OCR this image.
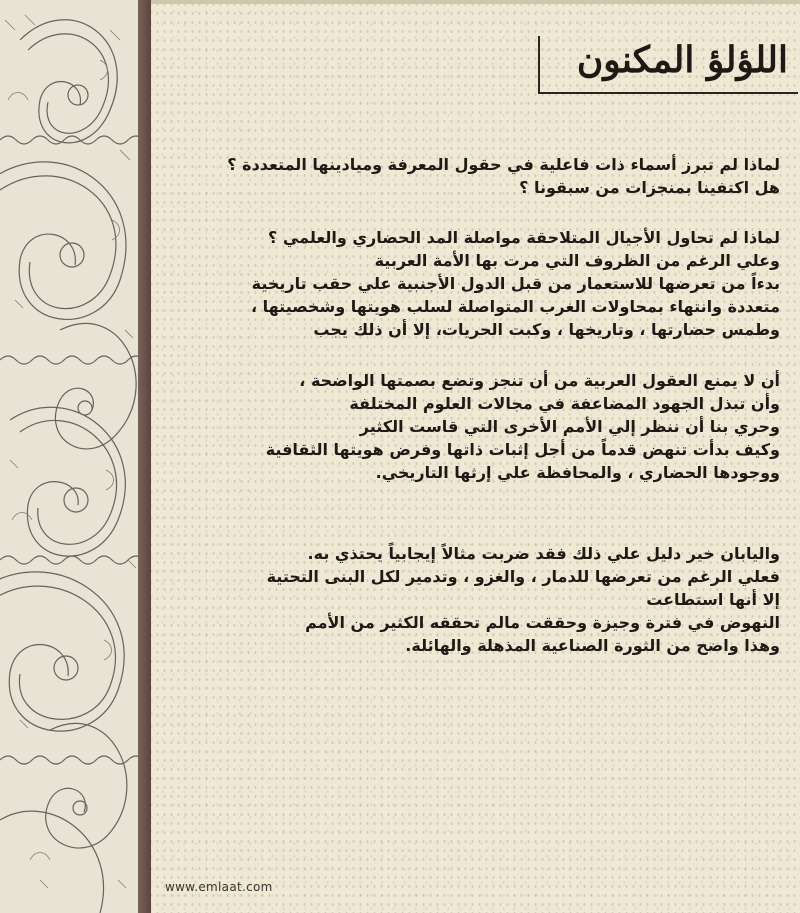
اللؤلؤ المكنون

لماذا لم تبرز أسماء ذات فاعلية في حقول المعرفة وميادينها المتعددة ؟

هل اكتفينا بمنجزات من سبقونا ؟

لماذا لم تحاول الأجيال المتلاحقة مواصلة المد الحضاري والعلمي ؟

وعلي الرغم من الظروف التي مرت بها الأمة العربية

بدءاً من تعرضها للاستعمار من قبل الدول الأجنبية علي حقب تاريخية

متعددة وانتهاء بمحاولات الغرب المتواصلة لسلب هويتها وشخصيتها ،

وطمس حضارتها ، وتاريخها ، وكبت الحريات، إلا أن ذلك يجب

أن لا يمنع العقول العربية من أن تنجز وتضع بصمتها الواضحة ،

وأن تبذل الجهود المضاعفة في مجالات العلوم المختلفة

وحري بنا أن ننظر إلي الأمم الأخرى التي قاست الكثير

وكيف بدأت تنهض قدماً من أجل إثبات ذاتها وفرض هويتها الثقافية

ووجودها الحضاري ، والمحافظة علي إرثها التاريخي.

واليابان خير دليل علي ذلك فقد ضربت مثالاً إيجابياً يحتذي به.

فعلي الرغم من تعرضها للدمار ، والغزو ، وتدمير لكل البنى التحتية

إلا أنها استطاعت

النهوض في فترة وجيزة وحققت مالم تحققه الكثير من الأمم

وهذا واضح من الثورة الصناعية المذهلة والهائلة.

www.emlaat.com
